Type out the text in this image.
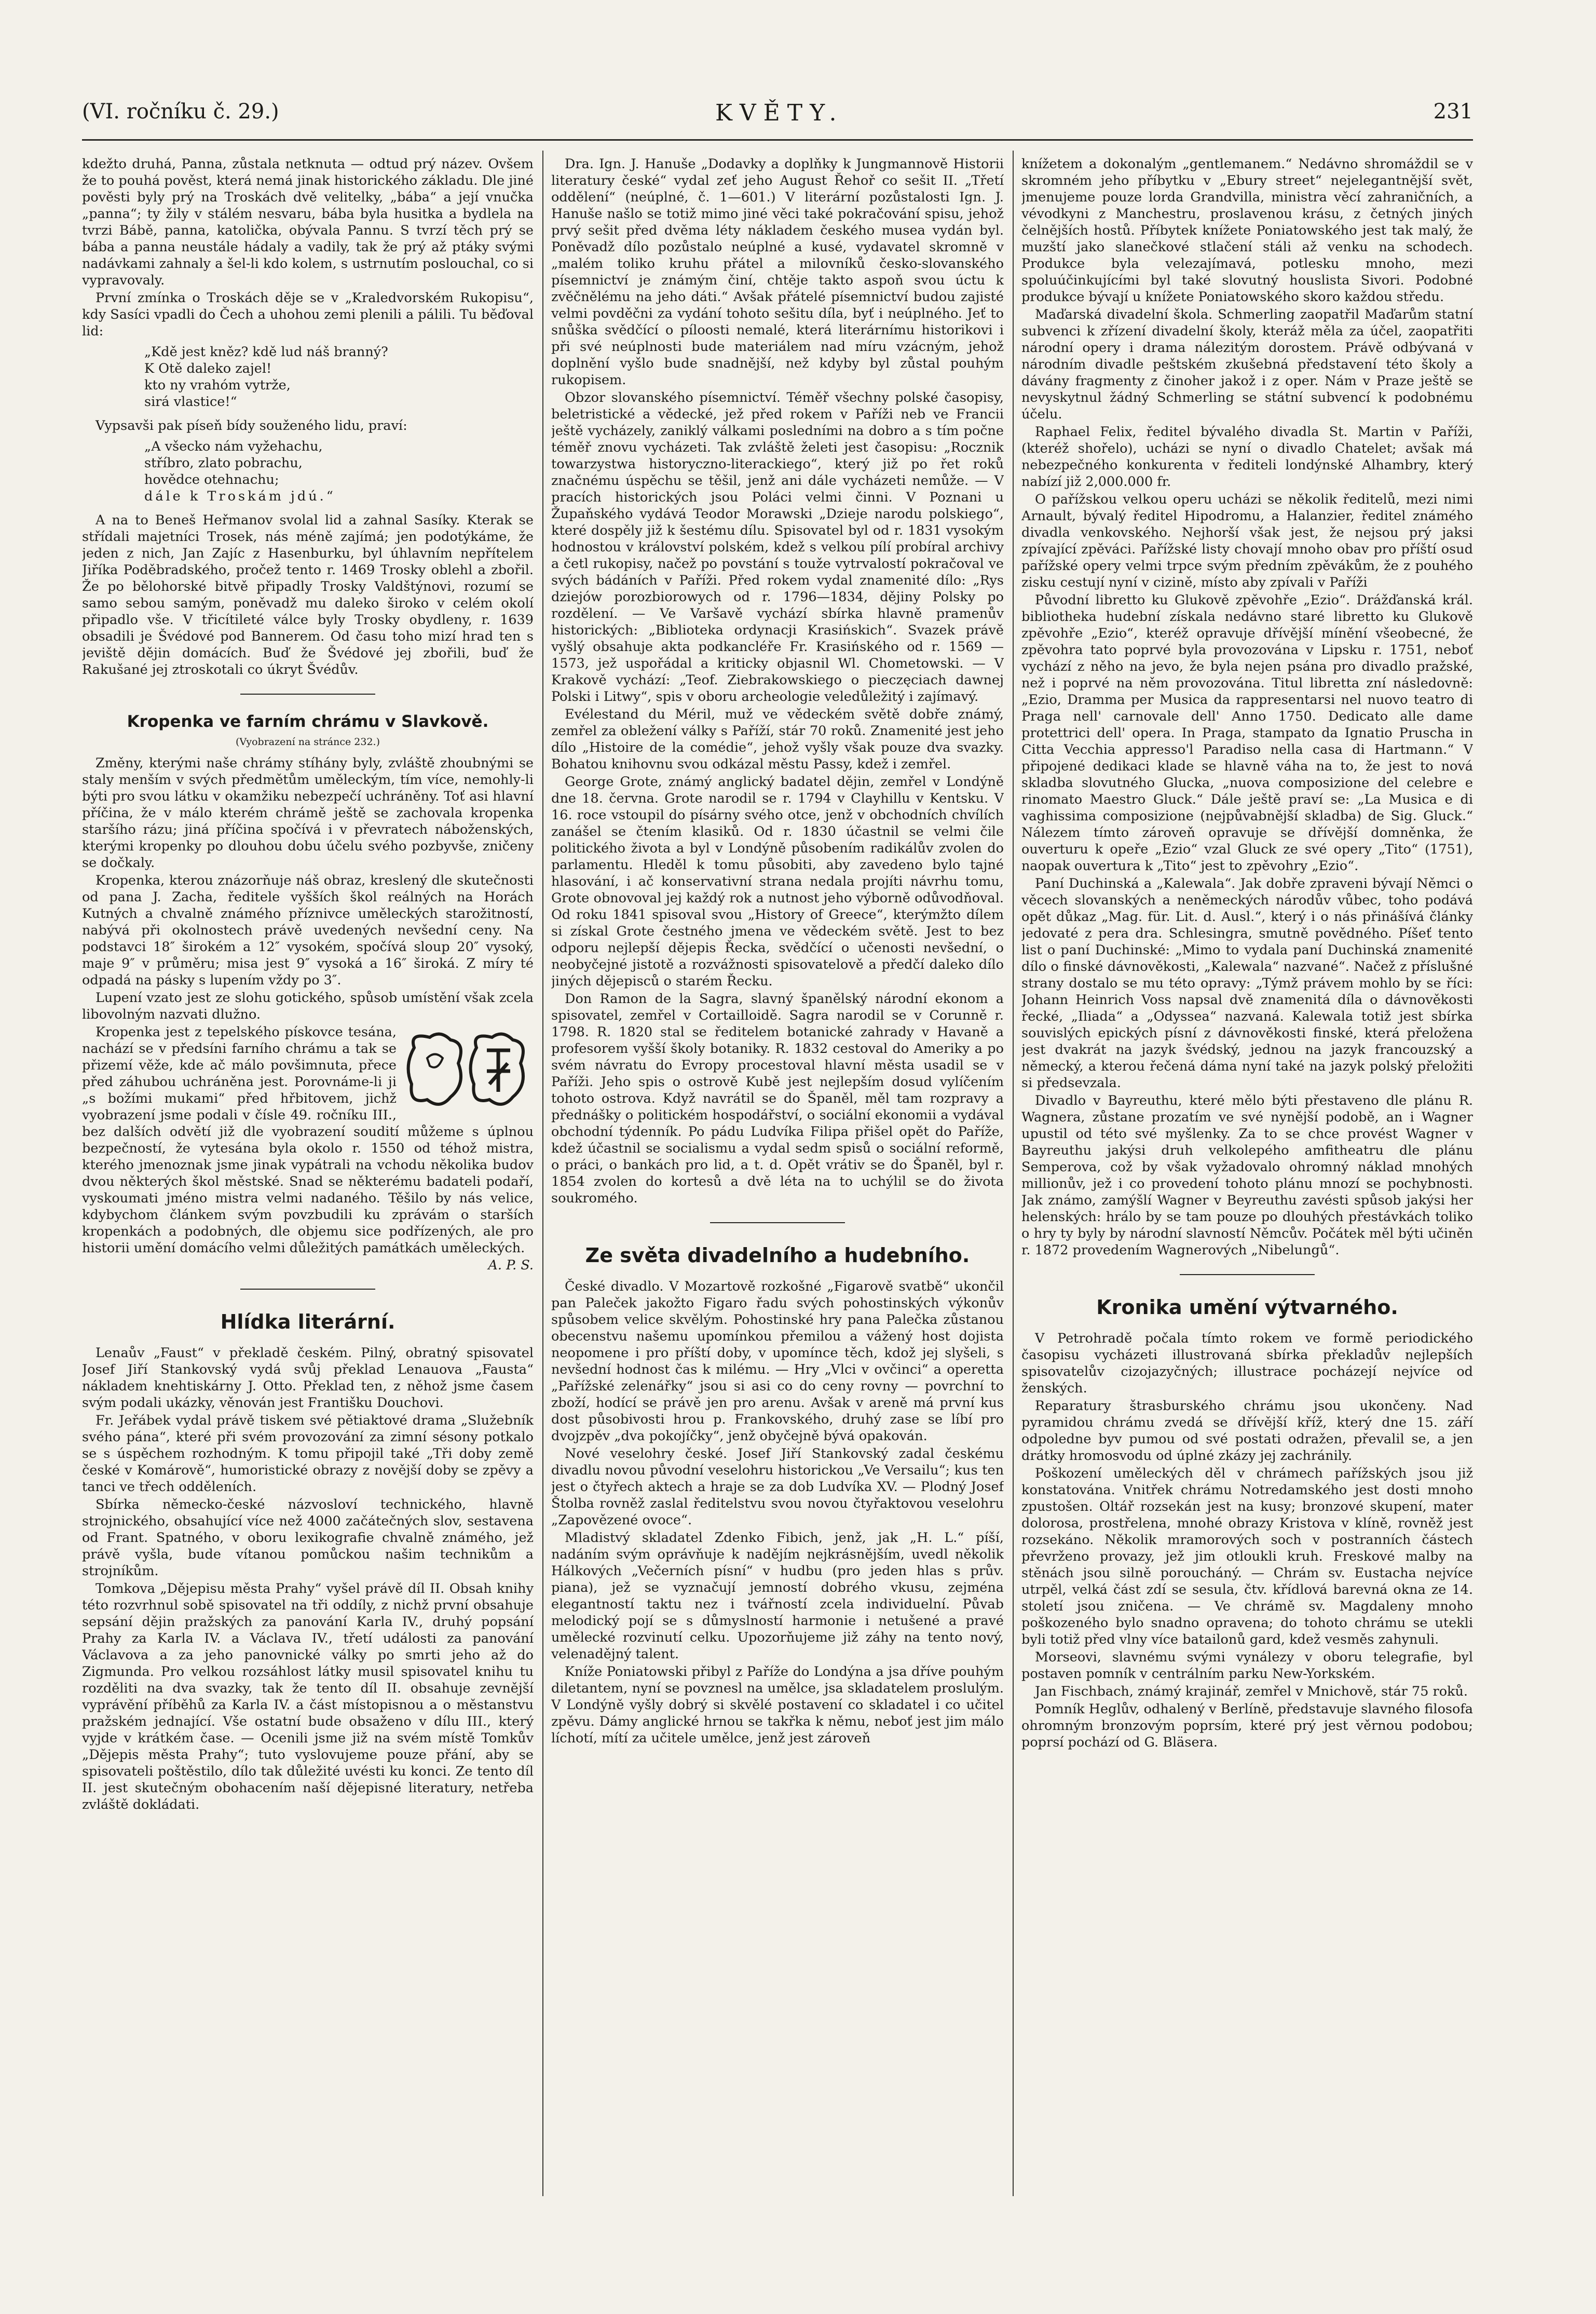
(VI. ročníku č. 29.)	KVĚTY.	231

kdežto druhá, Panna, zůstala netknuta — odtud prý název. Ovšem že to pouhá pověst, která nemá jinak historického základu. Dle jiné pověsti byly prý na Troskách dvě velitelky, „bába“ a její vnučka „panna“; ty žily v stálém nesvaru, bába byla husitka a bydlela na tvrzi Bábě, panna, katolička, obývala Pannu. S tvrzí těch prý se bába a panna neustále hádaly a vadily, tak že prý až ptáky svými nadávkami zahnaly a šel-li kdo kolem, s ustrnutím poslouchal, co si vypravovaly.

První zmínka o Troskách děje se v „Kraledvorském Rukopisu“, kdy Sasíci vpadli do Čech a uhohou zemi plenili a pálili. Tu běďoval lid:

„Kdě jest kněz? kdě lud náš branný?
K Otě daleko zajel!
kto ny vrahóm vytrže,
sirá vlastice!“

Vypsavši pak píseň bídy souženého lidu, praví:

„A všecko nám vyžehachu,
stříbro, zlato pobrachu,
hovědce otehnachu;
dále k Troskám jdú.“

A na to Beneš Heřmanov svolal lid a zahnal Sasíky. Kterak se střídali majetníci Trosek, nás méně zajímá; jen podotýkáme, že jeden z nich, Jan Zajíc z Hasenburku, byl úhlavním nepřítelem Jiříka Poděbradského, pročež tento r. 1469 Trosky oblehl a zbořil. Že po bělohorské bitvě připadly Trosky Valdštýnovi, rozumí se samo sebou samým, poněvadž mu daleko široko v celém okolí připadlo vše. V třicítileté válce byly Trosky obydleny, r. 1639 obsadili je Švédové pod Bannerem. Od času toho mizí hrad ten s jeviště dějin domácích. Buď že Švédové jej zbořili, buď že Rakušané jej ztroskotali co úkryt Švédův.

Kropenka ve farním chrámu v Slavkově.
(Vyobrazení na stránce 232.)

Změny, kterými naše chrámy stíhány byly, zvláště zhoubnými se staly menším v svých předmětům uměleckým, tím více, nemohly-li býti pro svou látku v okamžiku nebezpečí uchráněny. Toť asi hlavní příčina, že v málo kterém chrámě ještě se zachovala kropenka staršího rázu; jiná příčina spočívá i v převratech náboženských, kterými kropenky po dlouhou dobu účelu svého pozbyvše, zničeny se dočkaly.

Kropenka, kterou znázorňuje náš obraz, kreslený dle skutečnosti od pana J. Zacha, ředitele vyšších škol reálných na Horách Kutných a chvalně známého příznivce uměleckých starožitností, nabývá při okolnostech právě uvedených nevšední ceny. Na podstavci 18″ širokém a 12″ vysokém, spočívá sloup 20″ vysoký, maje 9″ v průměru; misa jest 9″ vysoká a 16″ široká. Z míry té odpadá na pásky s lupením vždy po 3″.

Lupení vzato jest ze slohu gotického, spůsob umístění však zcela libovolným nazvati dlužno.

Kropenka jest z tepelského pískovce tesána, nachází se v předsíni farního chrámu a tak se přizemí věže, kde ač málo povšimnuta, přece před záhubou uchráněna jest. Porovnáme-li ji „s božími mukami“ před hřbitovem, jichž vyobrazení jsme podali v čísle 49. ročníku III., bez dalších odvětí již dle vyobrazení soudití můžeme s úplnou bezpečností, že vytesána byla okolo r. 1550 od téhož mistra, kterého jmenoznak jsme jinak vypátrali na vchodu několika budov dvou některých škol městské. Snad se některému badateli podaří, vyskoumati jméno mistra velmi nadaného. Těšilo by nás velice, kdybychom článkem svým povzbudili ku zprávám o starších kropenkách a podobných, dle objemu sice podřízených, ale pro historii umění domácího velmi důležitých památkách uměleckých.

A. P. S.
Hlídka literární.

Lenaův „Faust“ v překladě českém. Pilný, obratný spisovatel Josef Jiří Stankovský vydá svůj překlad Lenauova „Fausta“ nákladem knehtiskárny J. Otto. Překlad ten, z něhož jsme časem svým podali ukázky, věnován jest Františku Douchovi.

Fr. Jeřábek vydal právě tiskem své pětiaktové drama „Služebník svého pána“, které při svém provozování za zimní sésony potkalo se s úspěchem rozhodným. K tomu připojil také „Tři doby země české v Komárově“, humoristické obrazy z novější doby se zpěvy a tanci ve třech odděleních.

Sbírka německo-české názvosloví technického, hlavně strojnického, obsahující více než 4000 začátečných slov, sestavena od Frant. Spatného, v oboru lexikografie chvalně známého, jež právě vyšla, bude vítanou pomůckou našim technikům a strojníkům.

Tomkova „Dějepisu města Prahy“ vyšel právě díl II. Obsah knihy této rozvrhnul sobě spisovatel na tři oddíly, z nichž první obsahuje sepsání dějin pražských za panování Karla IV., druhý popsání Prahy za Karla IV. a Václava IV., třetí události za panování Václavova a za jeho panovnické války po smrti jeho až do Zigmunda. Pro velkou rozsáhlost látky musil spisovatel knihu tu rozděliti na dva svazky, tak že tento díl II. obsahuje zevnější vyprávění příběhů za Karla IV. a část místopisnou a o městanstvu pražském jednající. Vše ostatní bude obsaženo v dílu III., který vyjde v krátkém čase. — Ocenili jsme již na svém místě Tomkův „Dějepis města Prahy“; tuto vyslovujeme pouze přání, aby se spisovateli poštěstilo, dílo tak důležité uvésti ku konci. Ze tento díl II. jest skutečným obohacením naší dějepisné literatury, netřeba zvláště dokládati.

Dra. Ign. J. Hanuše „Dodavky a doplňky k Jungmannově Historii literatury české“ vydal zeť jeho August Řehoř co sešit II. „Třetí oddělení“ (neúplné, č. 1—601.) V literární pozůstalosti Ign. J. Hanuše našlo se totiž mimo jiné věci také pokračování spisu, jehož prvý sešit před dvěma léty nákladem českého musea vydán byl. Poněvadž dílo pozůstalo neúplné a kusé, vydavatel skromně v „malém toliko kruhu přátel a milovníků česko-slovanského písemnictví je známým činí, chtěje takto aspoň svou úctu k zvěčnělému na jeho dáti.“ Avšak přátelé písemnictví budou zajisté velmi povděčni za vydání tohoto sešitu díla, byť i neúplného. Jeť to snůška svědčící o píloosti nemalé, která literárnímu historikovi i při své neúplnosti bude materiálem nad míru vzácným, jehož doplnění vyšlo bude snadnější, než kdyby byl zůstal pouhým rukopisem.

Obzor slovanského písemnictví. Téměř všechny polské časopisy, beletristické a vědecké, jež před rokem v Paříži neb ve Francii ještě vycházely, zaniklý válkami posledními na dobro a s tím počne téměř znovu vycházeti. Tak zvláště želeti jest časopisu: „Rocznik towarzystwa historycznо-literackiego“, který již po řet roků značnému úspěchu se těšil, jenž ani dále vycházeti nemůže. — V pracích historických jsou Poláci velmi činni. V Poznani u Župaňského vydává Teodor Morawski „Dzieje narodu polskiego“, které dospěly již k šestému dílu. Spisovatel byl od r. 1831 vysokým hodnostou v království polském, kdež s velkou pílí probíral archivy a četl rukopisy, načež po povstání s touže vytrvalostí pokračoval ve svých bádáních v Paříži. Před rokem vydal znamenité dílo: „Rys dziejów porozbiorowych od r. 1796—1834, dějiny Polsky po rozdělení. — Ve Varšavě vychází sbírka hlavně pramenův historických: „Biblioteka ordynacji Krasińskich“. Svazek právě vyšlý obsahuje akta podkancléře Fr. Krasińského od r. 1569 — 1573, jež uspořádal a kriticky objasnil Wl. Chometowski. — V Krakově vychází: „Teof. Ziebrakowskiego o pieczęciach dawnej Polski i Litwy“, spis v oboru archeologie veledůležitý i zajímavý.

Evélestand du Méril, muž ve vědeckém světě dobře známý, zemřel za obležení války s Paříží, stár 70 roků. Znamenité jest jeho dílo „Histoire de la comédie“, jehož vyšly však pouze dva svazky. Bohatou knihovnu svou odkázal městu Passy, kdež i zemřel.

George Grote, známý anglický badatel dějin, zemřel v Londýně dne 18. června. Grote narodil se r. 1794 v Clayhillu v Kentsku. V 16. roce vstoupil do písárny svého otce, jenž v obchodních chvílích zanášel se čtením klasiků. Od r. 1830 účastnil se velmi čile politického života a byl v Londýně působením radikálův zvolen do parlamentu. Hleděl k tomu působiti, aby zavedeno bylo tajné hlasování, i ač konservativní strana nedala projíti návrhu tomu, Grote obnovoval jej každý rok a nutnost jeho výborně odůvodňoval. Od roku 1841 spisoval svou „History of Greece“, kterýmžto dílem si získal Grote čestného jmena ve vědeckém světě. Jest to bez odporu nejlepší dějepis Řecka, svědčící o učenosti nevšední, o neobyčejné jistotě a rozvážnosti spisovatelově a předčí daleko dílo jiných dějepisců o starém Řecku.

Don Ramon de la Sagra, slavný španělský národní ekonom a spisovatel, zemřel v Cortailloidě. Sagra narodil se v Corunně r. 1798. R. 1820 stal se ředitelem botanické zahrady v Havaně a profesorem vyšší školy botaniky. R. 1832 cestoval do Ameriky a po svém návratu do Evropy procestoval hlavní města usadil se v Paříži. Jeho spis o ostrově Kubě jest nejlepším dosud vylíčením tohoto ostrova. Když navrátil se do Španěl, měl tam rozpravy a přednášky o politickém hospodářství, o sociální ekonomii a vydával obchodní týdenník. Po pádu Ludvíka Filipa přišel opět do Paříže, kdež účastnil se socialismu a vydal sedm spisů o sociální reformě, o práci, o bankách pro lid, a t. d. Opět vrátiv se do Španěl, byl r. 1854 zvolen do kortesů a dvě léta na to uchýlil se do života soukromého.

Ze světa divadelního a hudebního.

České divadlo. V Mozartově rozkošné „Figarově svatbě“ ukončil pan Paleček jakožto Figaro řadu svých pohostinských výkonův spůsobem velice skvělým. Pohostinské hry pana Palečka zůstanou obecenstvu našemu upomínkou přemilou a vážený host dojista neopomene i pro příští doby, v upomínce těch, kdož jej slyšeli, s nevšední hodnost čas k milému. — Hry „Vlci v ovčinci“ a operetta „Pařížské zelenářky“ jsou si asi co do ceny rovny — povrchní to zboží, hodící se právě jen pro arenu. Avšak v areně má první kus dost působivosti hrou p. Frankovského, druhý zase se líbí pro dvojzpěv „dva pokojíčky“, jenž obyčejně bývá opakován.

Nové veselohry české. Josef Jiří Stankovský zadal českému divadlu novou původní veselohru historickou „Ve Versailu“; kus ten jest o čtyřech aktech a hraje se za dob Ludvíka XV. — Plodný Josef Štolba rovněž zaslal ředitelstvu svou novou čtyřaktovou veselohru „Zapovězené ovoce“.

Mladistvý skladatel Zdenko Fibich, jenž, jak „H. L.“ píší, nadáním svým oprávňuje k nadějím nejkrásnějším, uvedl několik Hálkových „Večerních písní“ v hudbu (pro jeden hlas s prův. piana), jež se vyznačují jemností dobrého vkusu, zejména elegantností taktu nez i tvářností zcela individuelní. Půvab melodický pojí se s důmyslností harmonie i netušené a pravé umělecké rozvinutí celku. Upozorňujeme již záhy na tento nový, velenadějný talent.

Kníže Poniatowski přibyl z Paříže do Londýna a jsa dříve pouhým diletantem, nyní se povznesl na umělce, jsa skladatelem proslulým. V Londýně vyšly dobrý si skvělé postavení co skladatel i co učitel zpěvu. Dámy anglické hrnou se takřka k němu, neboť jest jim málo líchotí, mítí za učitele umělce, jenž jest zároveň

knížetem a dokonalým „gentlemanem.“ Nedávno shromáždil se v skromném jeho příbytku v „Ebury street“ nejelegantnější svět, jmenujeme pouze lorda Grandvilla, ministra věcí zahraničních, a vévodkyni z Manchestru, proslavenou krásu, z četných jiných čelnějších hostů. Příbytek knížete Poniatowského jest tak malý, že muzští jako slanečkové stlačení stáli až venku na schodech. Produkce byla velezajímavá, potlesku mnoho, mezi spoluúčinkujícími byl také slovutný houslista Sivori. Podobné produkce bývají u knížete Poniatowského skoro každou středu.

Maďarská divadelní škola. Schmerling zaopatřil Maďarům statní subvenci k zřízení divadelní školy, kteráž měla za účel, zaopatřiti národní opery i drama nálezitým dorostem. Právě odbývaná v národním divadle peštském zkušebná představení této školy a dávány fragmenty z činoher jakož i z oper. Nám v Praze ještě se nevyskytnul žádný Schmerling se státní subvencí k podobnému účelu.

Raphael Felix, ředitel bývalého divadla St. Martin v Paříži, (kteréž shořelo), ucházi se nyní o divadlo Chatelet; avšak má nebezpečného konkurenta v řediteli londýnské Alhambry, který nabízí již 2,000.000 fr.

O pařížskou velkou operu ucházi se několik ředitelů, mezi nimi Arnault, bývalý ředitel Hipodromu, a Halanzier, ředitel známého divadla venkovského. Nejhorší však jest, že nejsou prý jaksi zpívající zpěváci. Pařížské listy chovají mnoho obav pro příští osud pařížské opery velmi trpce svým předním zpěvákům, že z pouhého zisku cestují nyní v cizině, místo aby zpívali v Paříži

Původní libretto ku Glukově zpěvohře „Ezio“. Drážďanská král. bibliotheka hudební získala nedávno staré libretto ku Glukově zpěvohře „Ezio“, kteréž opravuje dřívější mínění všeobecné, že zpěvohra tato poprvé byla provozována v Lipsku r. 1751, neboť vychází z něho na jevo, že byla nejen psána pro divadlo pražské, než i poprvé na něm provozována. Titul libretta zní následovně: „Ezio, Dramma per Musica da rappresentarsi nel nuovo teatro di Praga nell' carnovale dell' Anno 1750. Dedicato alle dame protettrici dell' opera. In Praga, stampato da Ignatio Pruscha in Citta Vecchia appresso'l Paradiso nella casa di Hartmann.“ V připojené dedikaci klade se hlavně váha na to, že jest to nová skladba slovutného Glucka, „nuova composizione del celebre e rinomato Maestro Gluck.“ Dále ještě praví se: „La Musica e di vaghissima composizione (nejpůvabnější skladba) de Sig. Gluck.“ Nálezem tímto zároveň opravuje se dřívější domněnka, že ouverturu k opeře „Ezio“ vzal Gluck ze své opery „Tito“ (1751), naopak ouvertura k „Tito“ jest to zpěvohry „Ezio“.

Paní Duchinská a „Kalewala“. Jak dobře zpraveni bývají Němci o věcech slovanských a neněmeckých národův vůbec, toho podává opět důkaz „Mag. für. Lit. d. Ausl.“, který i o nás přinášívá články jedovaté z pera dra. Schlesingra, smutně povědného. Píšeť tento list o paní Duchinské: „Mimo to vydala paní Duchinská znamenité dílo o finské dávnověkosti, „Kalewala“ nazvané“. Načež z příslušné strany dostalo se mu této opravy: „Týmž právem mohlo by se říci: Johann Heinrich Voss napsal dvě znamenitá díla o dávnověkosti řecké, „Iliada“ a „Odyssea“ nazvaná. Kalewala totiž jest sbírka souvislých epických písní z dávnověkosti finské, která přeložena jest dvakrát na jazyk švédský, jednou na jazyk francouzský a německý, a kterou řečená dáma nyní také na jazyk polský přeložiti si předsevzala.

Divadlo v Bayreuthu, které mělo býti přestaveno dle plánu R. Wagnera, zůstane prozatím ve své nynější podobě, an i Wagner upustil od této své myšlenky. Za to se chce provést Wagner v Bayreuthu jakýsi druh velkolepého amfitheatru dle plánu Semperova, což by však vyžadovalo ohromný náklad mnohých millionův, jež i co provedení tohoto plánu mnozí se pochybnosti. Jak známo, zamýšlí Wagner v Beyreuthu zavésti spůsob jakýsi her helenských: hrálo by se tam pouze po dlouhých přestávkách toliko o hry ty byly by národní slavností Němcův. Počátek měl býti učiněn r. 1872 provedením Wagnerových „Nibelungů“.

Kronika umění výtvarného.

V Petrohradě počala tímto rokem ve formě periodického časopisu vycházeti illustrovaná sbírka překladův nejlepších spisovatelův cizojazyčných; illustrace pocházejí nejvíce od ženských.

Reparatury štrasburského chrámu jsou ukončeny. Nad pyramidou chrámu zvedá se dřívější kříž, který dne 15. září odpoledne byv pumou od své postati odražen, převalil se, a jen drátky hromosvodu od úplné zkázy jej zachránily.

Poškození uměleckých děl v chrámech pařížských jsou již konstatována. Vnitřek chrámu Notredamského jest dosti mnoho zpustošen. Oltář rozsekán jest na kusy; bronzové skupení, mater dolorosa, prostřelena, mnohé obrazy Kristova v klíně, rovněž jest rozsekáno. Několik mramorových soch v postranních částech převrženo provazy, jež jim otloukli kruh. Freskové malby na stěnách jsou silně poroucháný. — Chrám sv. Eustacha nejvíce utrpěl, velká část zdí se sesula, čtv. křídlová barevná okna ze 14. století jsou zničena. — Ve chrámě sv. Magdaleny mnoho poškozeného bylo snadno opravena; do tohoto chrámu se utekli byli totiž před vlny více batailonů gard, kdež vesměs zahynuli.

Morseovi, slavnému svými vynálezy v oboru telegrafie, byl postaven pomník v centrálním parku New-Yorkském.

Jan Fischbach, známý krajinář, zemřel v Mnichově, stár 75 roků.

Pomník Heglův, odhalený v Berlíně, představuje slavného filosofa ohromným bronzovým poprsím, které prý jest věrnou podobou; poprsí pochází od G. Bläsera.
